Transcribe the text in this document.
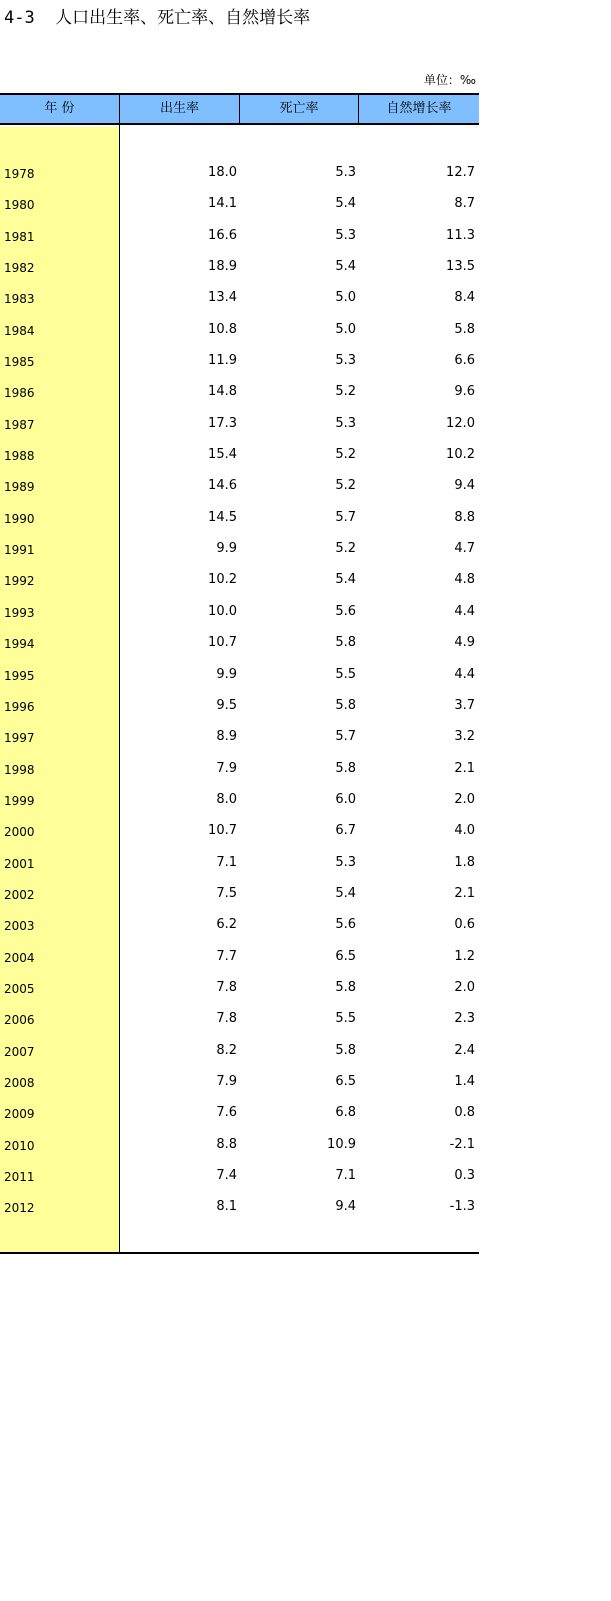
4-3  人口出生率、死亡率、自然增长率
单位：‰
年 份	出生率	死亡率	自然增长率
1978	18.0	5.3	12.7
1980	14.1	5.4	8.7
1981	16.6	5.3	11.3
1982	18.9	5.4	13.5
1983	13.4	5.0	8.4
1984	10.8	5.0	5.8
1985	11.9	5.3	6.6
1986	14.8	5.2	9.6
1987	17.3	5.3	12.0
1988	15.4	5.2	10.2
1989	14.6	5.2	9.4
1990	14.5	5.7	8.8
1991	9.9	5.2	4.7
1992	10.2	5.4	4.8
1993	10.0	5.6	4.4
1994	10.7	5.8	4.9
1995	9.9	5.5	4.4
1996	9.5	5.8	3.7
1997	8.9	5.7	3.2
1998	7.9	5.8	2.1
1999	8.0	6.0	2.0
2000	10.7	6.7	4.0
2001	7.1	5.3	1.8
2002	7.5	5.4	2.1
2003	6.2	5.6	0.6
2004	7.7	6.5	1.2
2005	7.8	5.8	2.0
2006	7.8	5.5	2.3
2007	8.2	5.8	2.4
2008	7.9	6.5	1.4
2009	7.6	6.8	0.8
2010	8.8	10.9	-2.1
2011	7.4	7.1	0.3
2012	8.1	9.4	-1.3
